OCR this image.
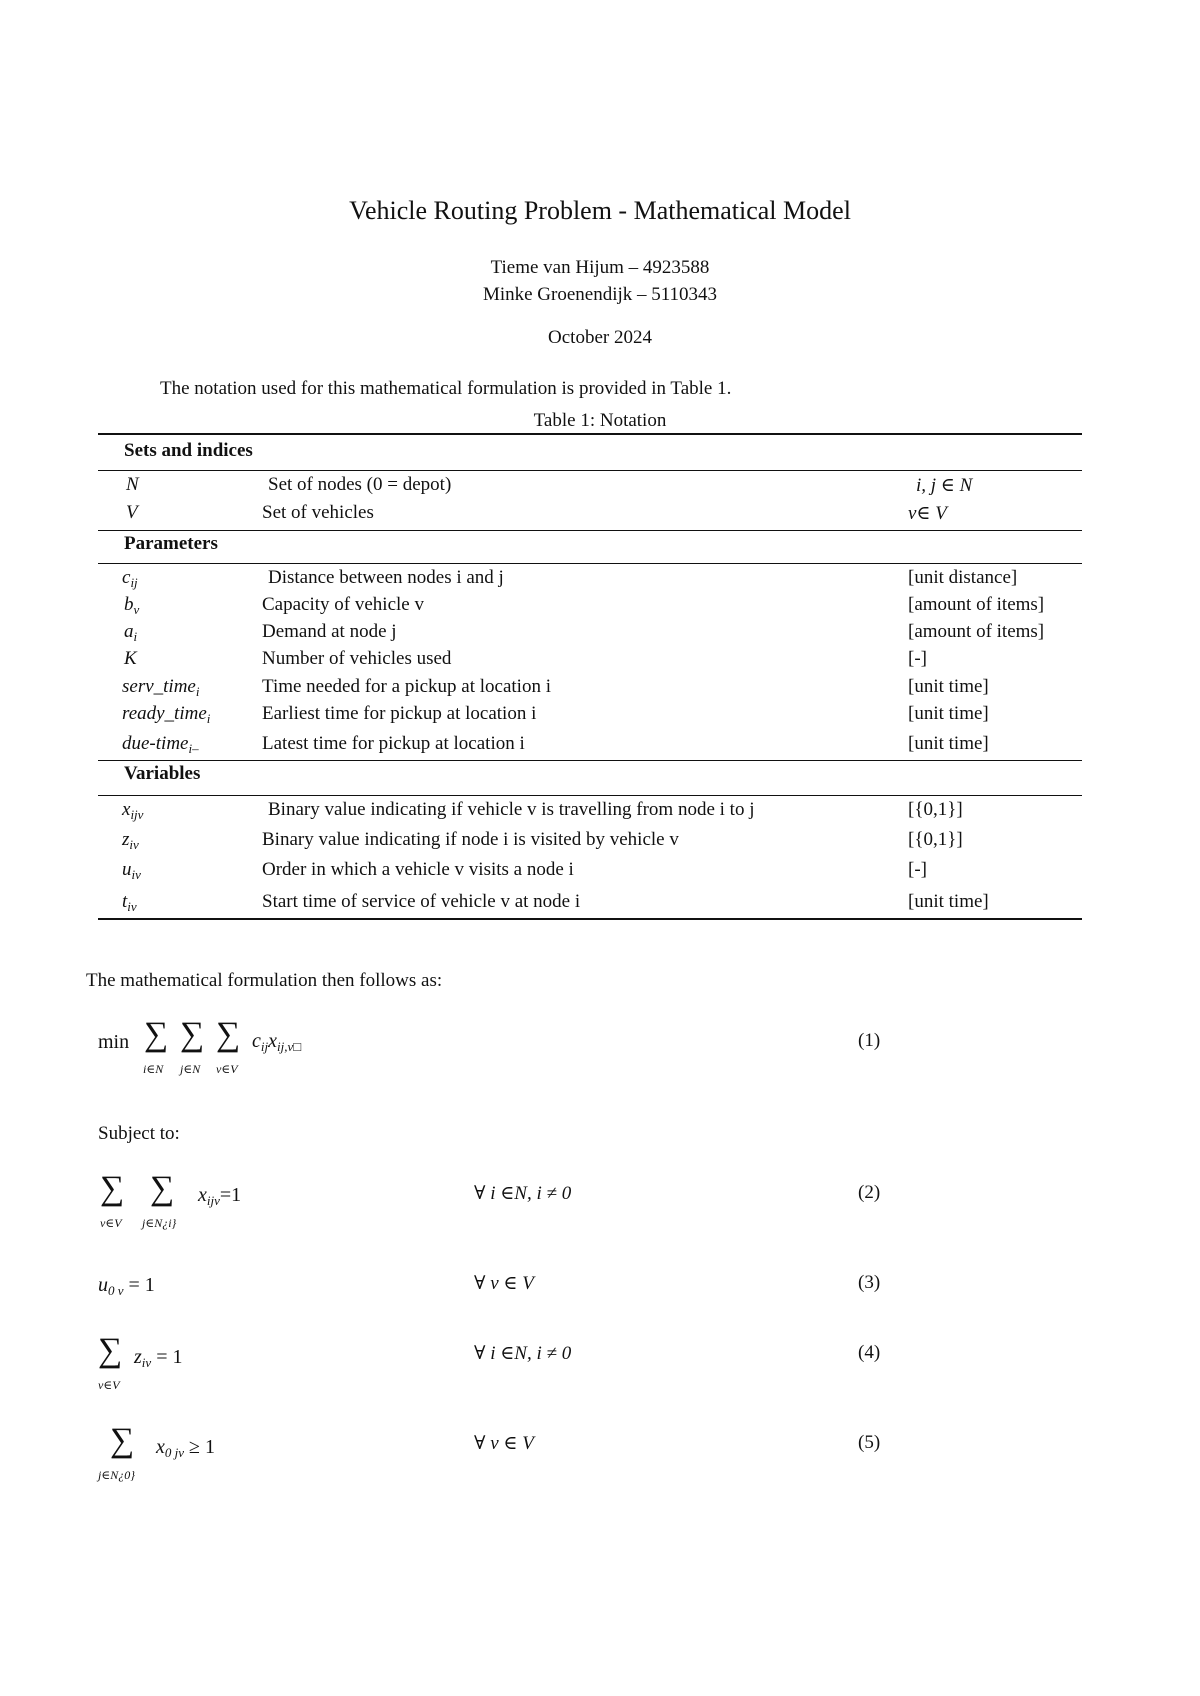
Vehicle Routing Problem - Mathematical Model
Tieme van Hijum – 4923588
Minke Groenendijk – 5110343
October 2024
The notation used for this mathematical formulation is provided in Table 1.
Table 1: Notation
Sets and indices
N	Set of nodes (0 = depot)	i, j ∈ N
V	Set of vehicles	v∈ V
Parameters
$c_{ij}$	Distance between nodes i and j	[unit distance]
$b_v$	Capacity of vehicle v	[amount of items]
$a_i$	Demand at node j	[amount of items]
K	Number of vehicles used	[-]
serv_time$_i$	Time needed for a pickup at location i	[unit time]
ready_time$_i$	Earliest time for pickup at location i	[unit time]
due-time$_{i-}$	Latest time for pickup at location i	[unit time]
Variables
$x_{ijv}$	Binary value indicating if vehicle v is travelling from node i to j	[{0,1}]
$z_{iv}$	Binary value indicating if node i is visited by vehicle v	[{0,1}]
$u_{iv}$	Order in which a vehicle v visits a node i	[-]
$t_{iv}$	Start time of service of vehicle v at node i	[unit time]
The mathematical formulation then follows as:
min ∑ ∑ ∑
i∈N j∈N v∈V
$c_{ij}x_{ij,v□}$	(1)
Subject to:
∑ ∑
v∈V j∈N¿i}
$x_{ijv}=1$	∀ i ∈N, i ≠ 0	(2)
$u_{0 v} = 1$	∀ v ∈ V	(3)
∑
v∈V
$z_{iv} = 1$	∀ i ∈N, i ≠ 0	(4)
∑
j∈N¿0}
$x_{0 jv} \ge 1$	∀ v ∈ V	(5)
